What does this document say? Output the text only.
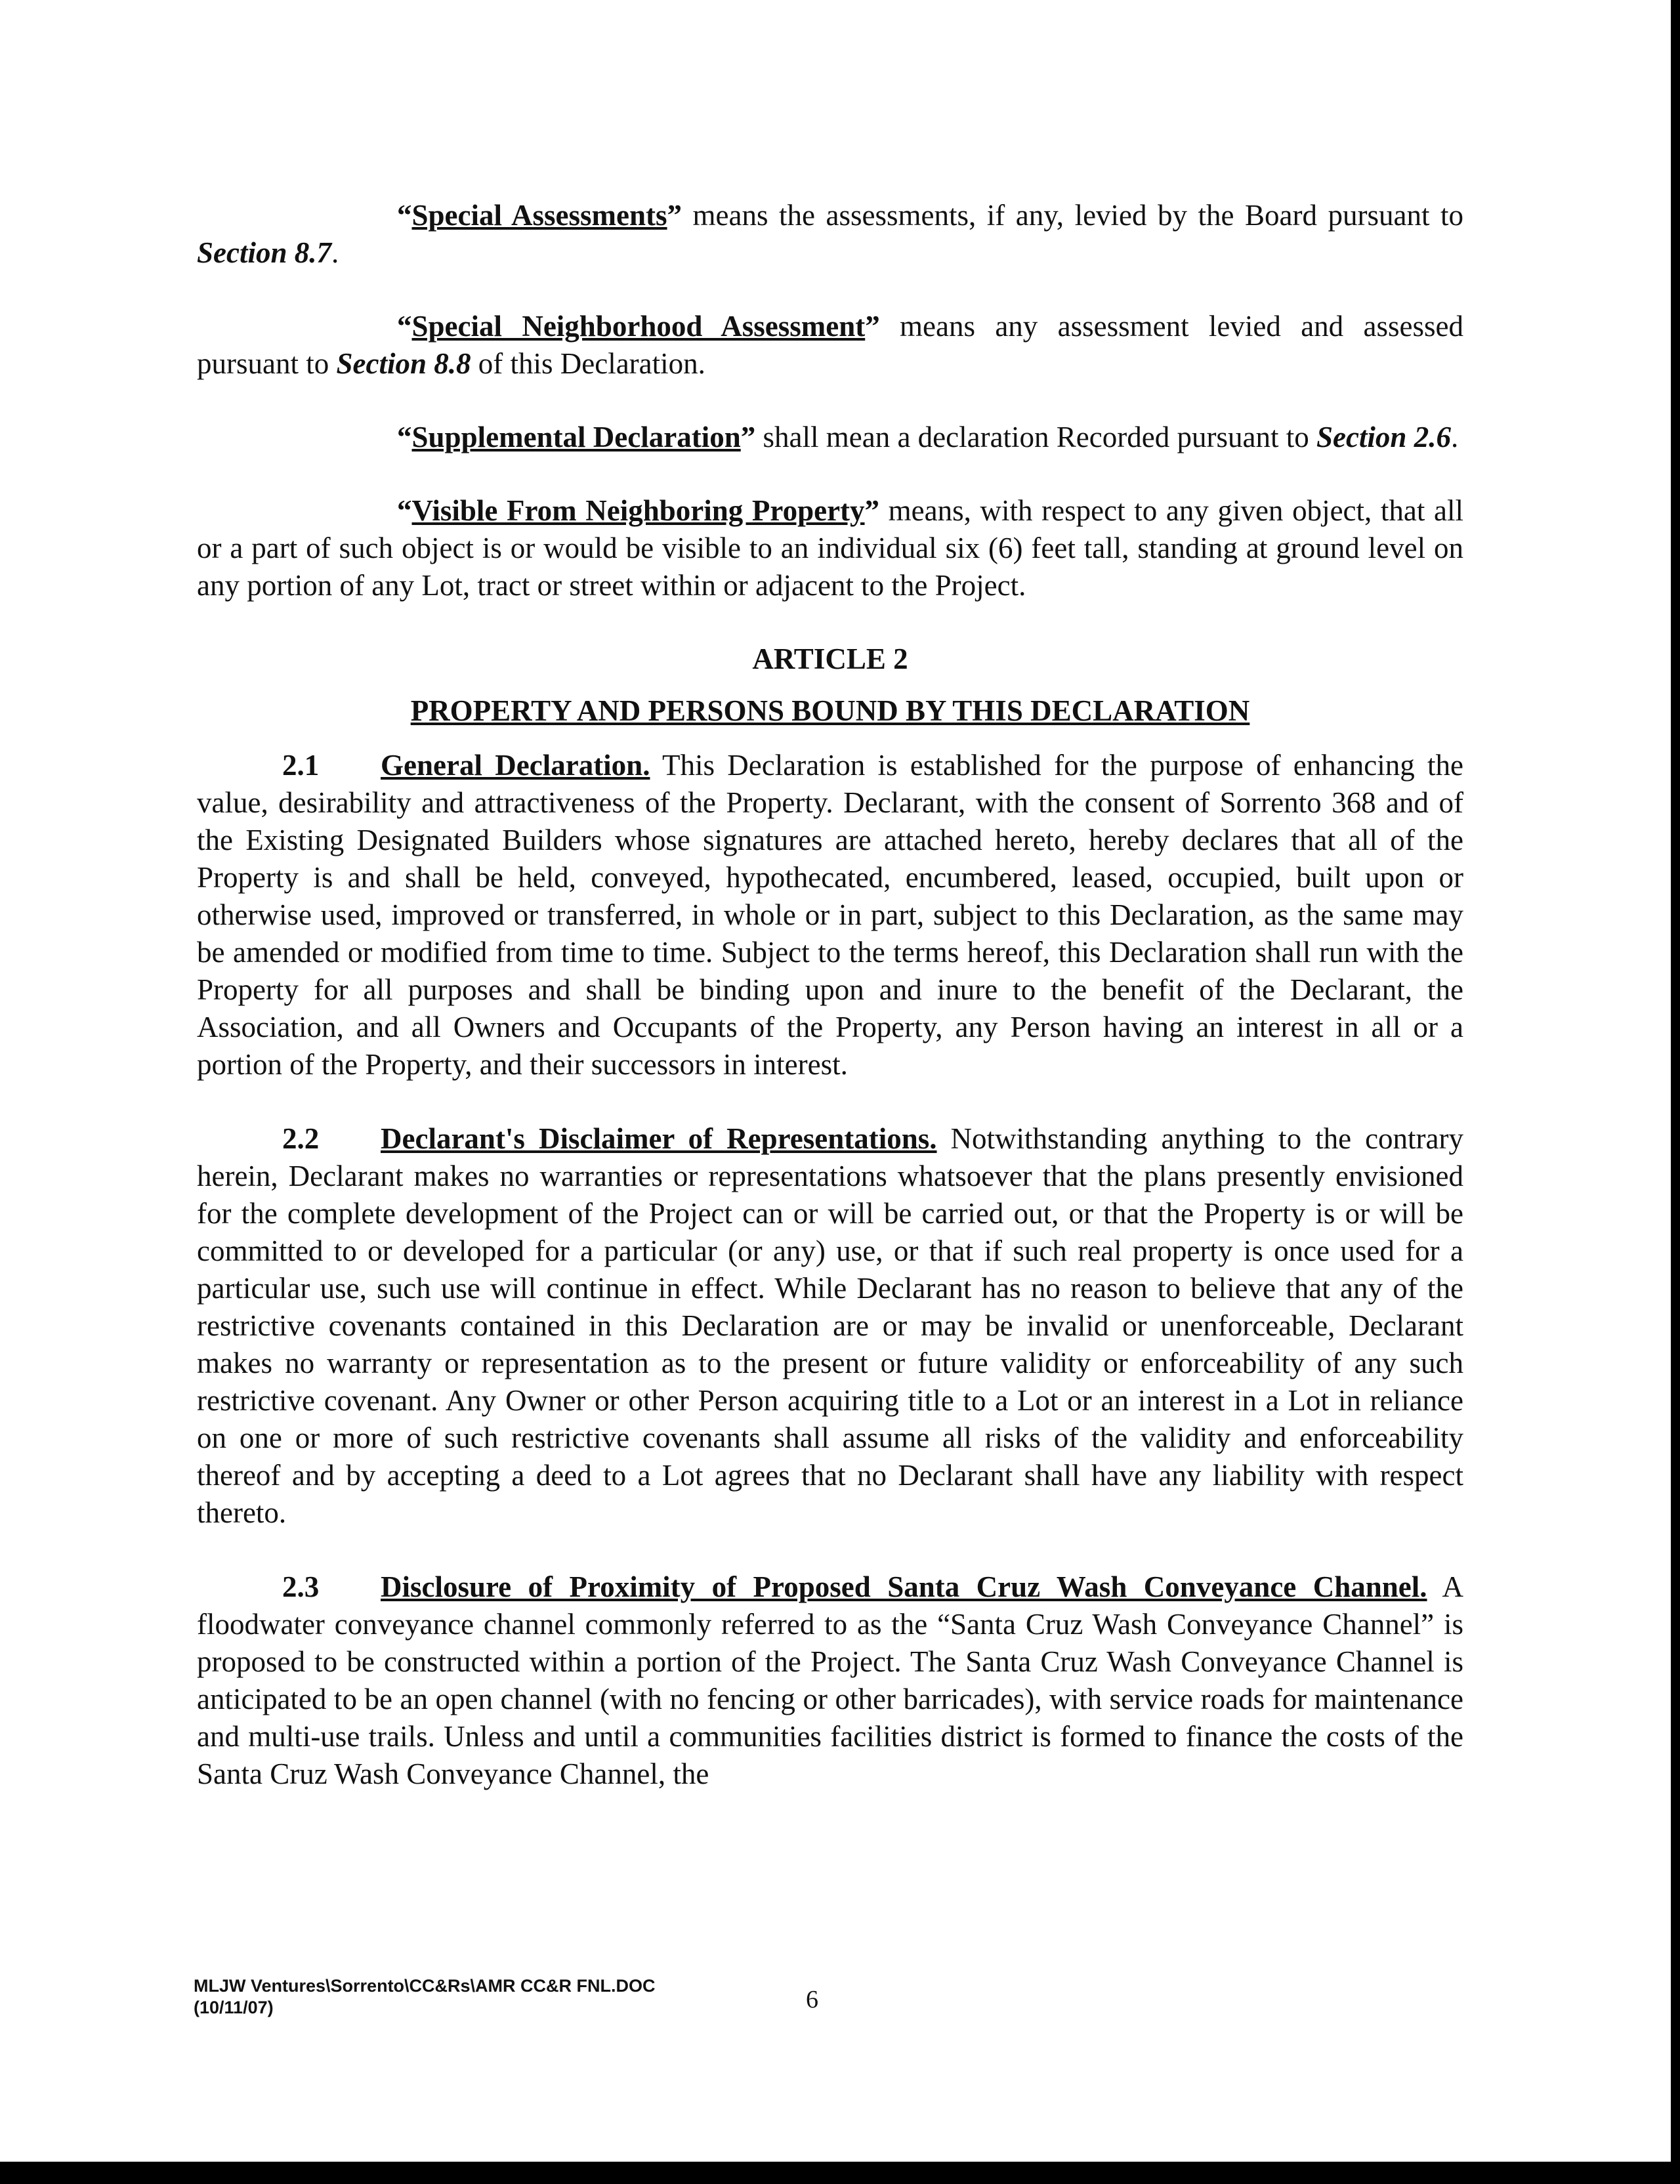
“Special Assessments” means the assessments, if any, levied by the Board pursuant to Section 8.7.

“Special Neighborhood Assessment” means any assessment levied and assessed pursuant to Section 8.8 of this Declaration.

“Supplemental Declaration” shall mean a declaration Recorded pursuant to Section 2.6.

“Visible From Neighboring Property” means, with respect to any given object, that all or a part of such object is or would be visible to an individual six (6) feet tall, standing at ground level on any portion of any Lot, tract or street within or adjacent to the Project.

ARTICLE 2
PROPERTY AND PERSONS BOUND BY THIS DECLARATION

2.1 General Declaration. This Declaration is established for the purpose of enhancing the value, desirability and attractiveness of the Property. Declarant, with the consent of Sorrento 368 and of the Existing Designated Builders whose signatures are attached hereto, hereby declares that all of the Property is and shall be held, conveyed, hypothecated, encumbered, leased, occupied, built upon or otherwise used, improved or transferred, in whole or in part, subject to this Declaration, as the same may be amended or modified from time to time. Subject to the terms hereof, this Declaration shall run with the Property for all purposes and shall be binding upon and inure to the benefit of the Declarant, the Association, and all Owners and Occupants of the Property, any Person having an interest in all or a portion of the Property, and their successors in interest.

2.2 Declarant's Disclaimer of Representations. Notwithstanding anything to the contrary herein, Declarant makes no warranties or representations whatsoever that the plans presently envisioned for the complete development of the Project can or will be carried out, or that the Property is or will be committed to or developed for a particular (or any) use, or that if such real property is once used for a particular use, such use will continue in effect. While Declarant has no reason to believe that any of the restrictive covenants contained in this Declaration are or may be invalid or unenforceable, Declarant makes no warranty or representation as to the present or future validity or enforceability of any such restrictive covenant. Any Owner or other Person acquiring title to a Lot or an interest in a Lot in reliance on one or more of such restrictive covenants shall assume all risks of the validity and enforceability thereof and by accepting a deed to a Lot agrees that no Declarant shall have any liability with respect thereto.

2.3 Disclosure of Proximity of Proposed Santa Cruz Wash Conveyance Channel. A floodwater conveyance channel commonly referred to as the “Santa Cruz Wash Conveyance Channel” is proposed to be constructed within a portion of the Project. The Santa Cruz Wash Conveyance Channel is anticipated to be an open channel (with no fencing or other barricades), with service roads for maintenance and multi-use trails. Unless and until a communities facilities district is formed to finance the costs of the Santa Cruz Wash Conveyance Channel, the

MLJW Ventures\Sorrento\CC&Rs\AMR CC&R FNL.DOC
(10/11/07)	6
